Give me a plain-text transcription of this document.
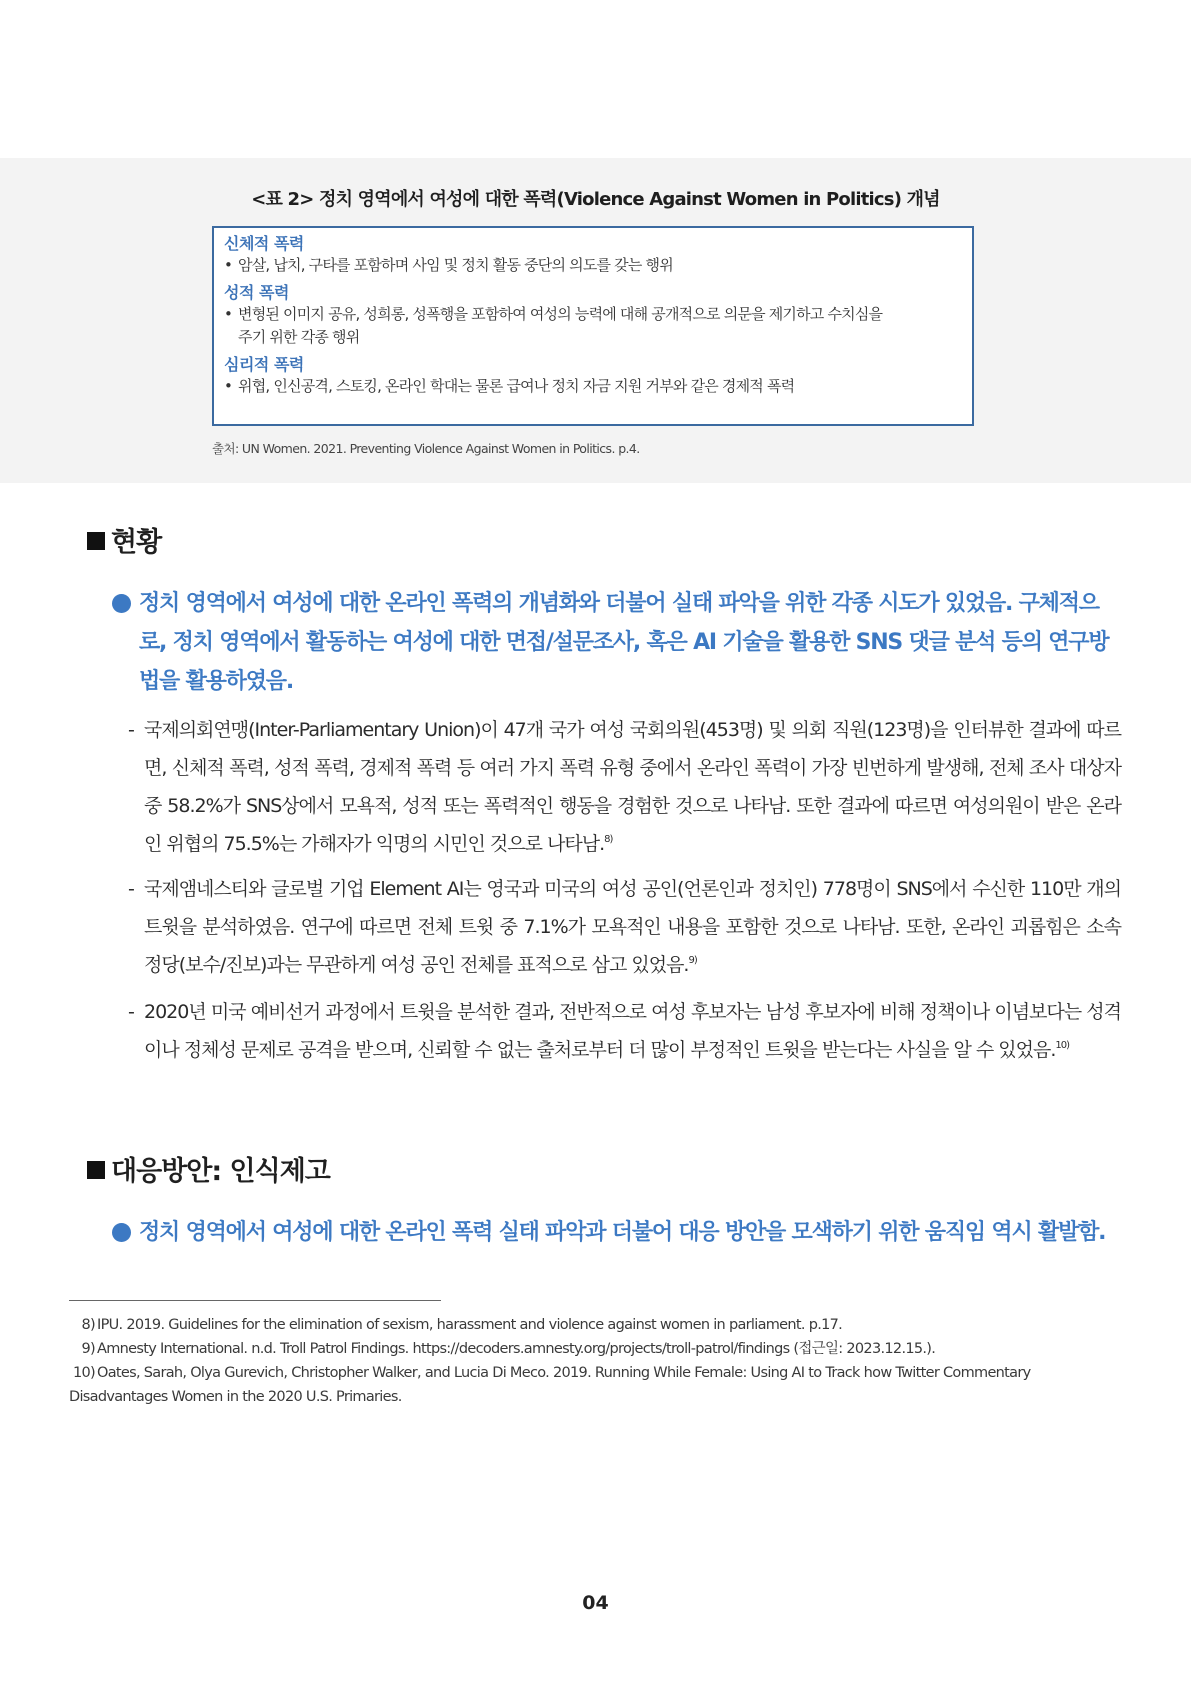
<표 2> 정치 영역에서 여성에 대한 폭력(Violence Against Women in Politics) 개념
신체적 폭력
• 암살, 납치, 구타를 포함하며 사임 및 정치 활동 중단의 의도를 갖는 행위
성적 폭력
• 변형된 이미지 공유, 성희롱, 성폭행을 포함하여 여성의 능력에 대해 공개적으로 의문을 제기하고 수치심을 주기 위한 각종 행위
심리적 폭력
• 위협, 인신공격, 스토킹, 온라인 학대는 물론 급여나 정치 자금 지원 거부와 같은 경제적 폭력
출처: UN Women. 2021. Preventing Violence Against Women in Politics. p.4.
현황
정치 영역에서 여성에 대한 온라인 폭력의 개념화와 더불어 실태 파악을 위한 각종 시도가 있었음. 구체적으로, 정치 영역에서 활동하는 여성에 대한 면접/설문조사, 혹은 AI 기술을 활용한 SNS 댓글 분석 등의 연구방법을 활용하였음.
- 국제의회연맹(Inter-Parliamentary Union)이 47개 국가 여성 국회의원(453명) 및 의회 직원(123명)을 인터뷰한 결과에 따르면, 신체적 폭력, 성적 폭력, 경제적 폭력 등 여러 가지 폭력 유형 중에서 온라인 폭력이 가장 빈번하게 발생해, 전체 조사 대상자 중 58.2%가 SNS상에서 모욕적, 성적 또는 폭력적인 행동을 경험한 것으로 나타남. 또한 결과에 따르면 여성의원이 받은 온라인 위협의 75.5%는 가해자가 익명의 시민인 것으로 나타남.$^{8)}$
- 국제앰네스티와 글로벌 기업 Element AI는 영국과 미국의 여성 공인(언론인과 정치인) 778명이 SNS에서 수신한 110만 개의 트윗을 분석하였음. 연구에 따르면 전체 트윗 중 7.1%가 모욕적인 내용을 포함한 것으로 나타남. 또한, 온라인 괴롭힘은 소속 정당(보수/진보)과는 무관하게 여성 공인 전체를 표적으로 삼고 있었음.$^{9)}$
- 2020년 미국 예비선거 과정에서 트윗을 분석한 결과, 전반적으로 여성 후보자는 남성 후보자에 비해 정책이나 이념보다는 성격이나 정체성 문제로 공격을 받으며, 신뢰할 수 없는 출처로부터 더 많이 부정적인 트윗을 받는다는 사실을 알 수 있었음.$^{10)}$
대응방안: 인식제고
정치 영역에서 여성에 대한 온라인 폭력 실태 파악과 더불어 대응 방안을 모색하기 위한 움직임 역시 활발함.
8) IPU. 2019. Guidelines for the elimination of sexism, harassment and violence against women in parliament. p.17.
9) Amnesty International. n.d. Troll Patrol Findings. https://decoders.amnesty.org/projects/troll-patrol/findings (접근일: 2023.12.15.).
10) Oates, Sarah, Olya Gurevich, Christopher Walker, and Lucia Di Meco. 2019. Running While Female: Using AI to Track how Twitter Commentary
Disadvantages Women in the 2020 U.S. Primaries.
04
